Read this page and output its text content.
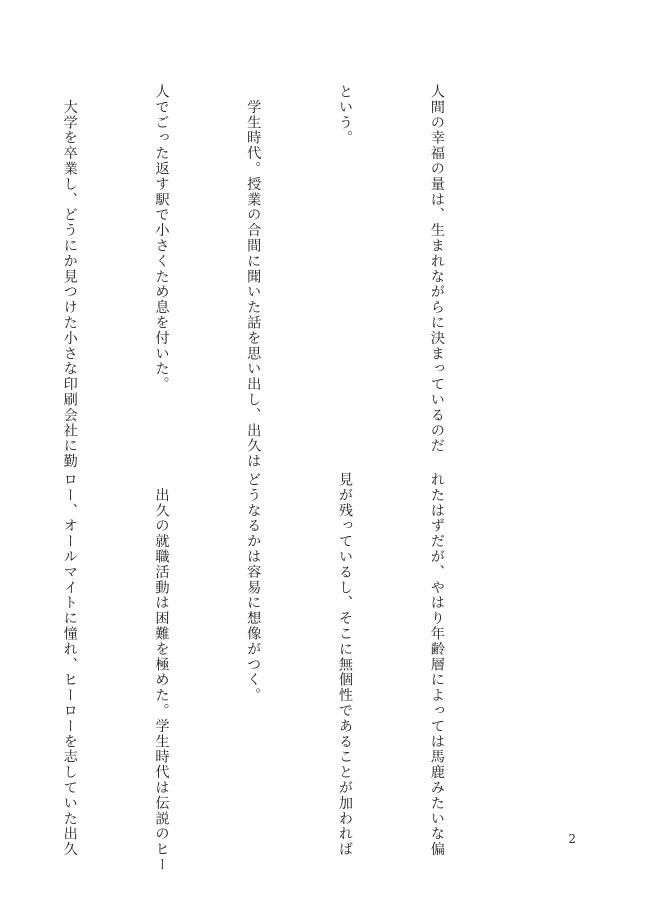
人間の幸福の量は、生まれながらに決まっているのだ

という。

　学生時代。授業の合間に聞いた話を思い出し、出久は

人でごった返す駅で小さくため息を付いた。

　大学を卒業し、どうにか見つけた小さな印刷会社に勤

れたはずだが、やはり年齢層によっては馬鹿みたいな偏

見が残っているし、そこに無個性であることが加われば

どうなるかは容易に想像がつく。

　出久の就職活動は困難を極めた。学生時代は伝説のヒー

ロー、オールマイトに憧れ、ヒーローを志していた出久

	2
